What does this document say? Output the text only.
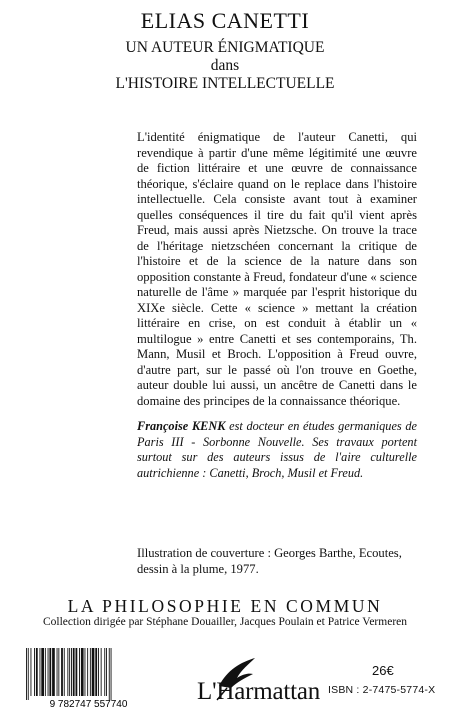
ELIAS CANETTI
UN AUTEUR ÉNIGMATIQUE
dans
L'HISTOIRE INTELLECTUELLE
L'identité énigmatique de l'auteur Canetti, qui revendique à partir d'une même légitimité une œuvre de fiction littéraire et une œuvre de connaissance théorique, s'éclaire quand on le replace dans l'histoire intellectuelle. Cela consiste avant tout à examiner quelles conséquences il tire du fait qu'il vient après Freud, mais aussi après Nietzsche. On trouve la trace de l'héritage nietzschéen concernant la critique de l'histoire et de la science de la nature dans son opposition constante à Freud, fondateur d'une « science naturelle de l'âme » marquée par l'esprit historique du XIXe siècle. Cette « science » mettant la création littéraire en crise, on est conduit à établir un « multilogue » entre Canetti et ses contemporains, Th. Mann, Musil et Broch. L'opposition à Freud ouvre, d'autre part, sur le passé où l'on trouve en Goethe, auteur double lui aussi, un ancêtre de Canetti dans le domaine des principes de la connaissance théorique.
Françoise KENK est docteur en études germaniques de Paris III - Sorbonne Nouvelle. Ses travaux portent surtout sur des auteurs issus de l'aire culturelle autrichienne : Canetti, Broch, Musil et Freud.
Illustration de couverture : Georges Barthe, Ecoutes, dessin à la plume, 1977.
LA PHILOSOPHIE EN COMMUN
Collection dirigée par Stéphane Douailler, Jacques Poulain et Patrice Vermeren
9 782747 557740	L'Harmattan
26€
ISBN : 2-7475-5774-X
